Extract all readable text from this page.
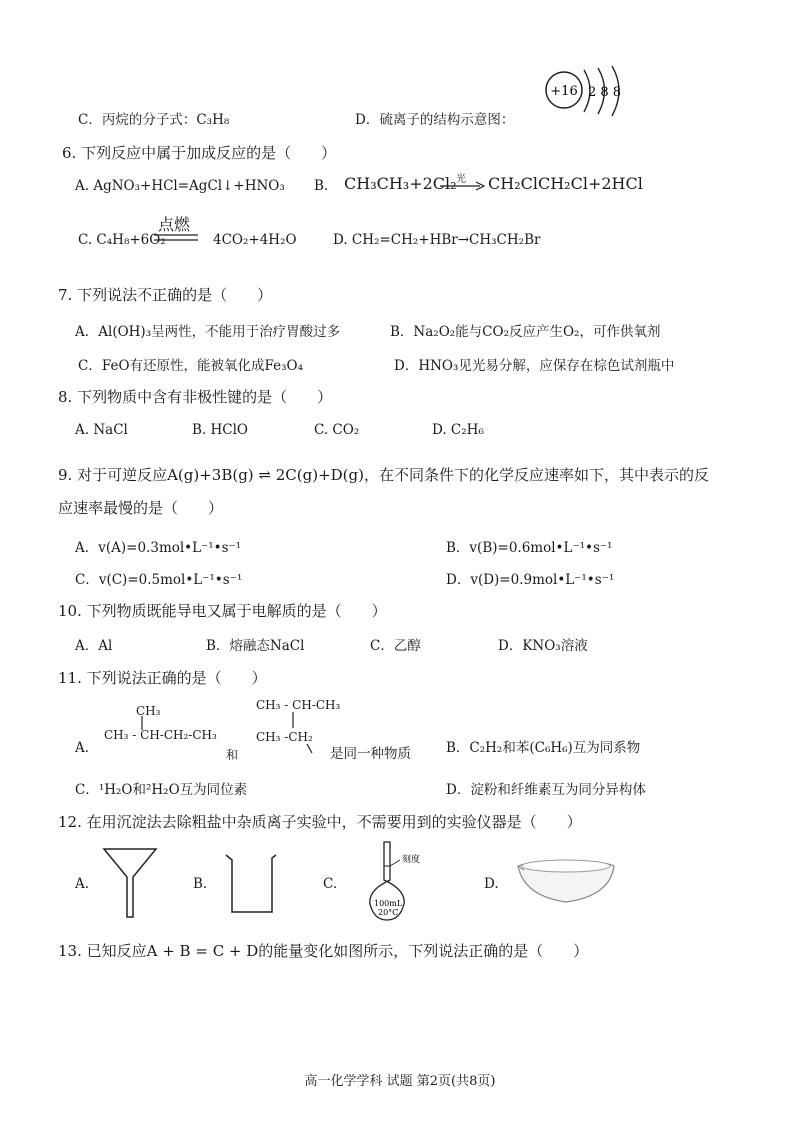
C．丙烷的分子式：C₃H₈	D．硫离子的结构示意图：
+16 2 8 8
6. 下列反应中属于加成反应的是（　　）
A. AgNO₃+HCl=AgCl↓+HNO₃ B. CH₃CH₃+2Cl₂ 光 → CH₂ClCH₂Cl+2HCl
C. C₄H₈+6O₂
点燃
4CO₂+4H₂O	D. CH₂=CH₂+HBr→CH₃CH₂Br
7. 下列说法不正确的是（　　）
A．Al(OH)₃呈两性，不能用于治疗胃酸过多	B．Na₂O₂能与CO₂反应产生O₂，可作供氧剂
C．FeO有还原性，能被氧化成Fe₃O₄	D．HNO₃见光易分解，应保存在棕色试剂瓶中
8. 下列物质中含有非极性键的是（　　）
A. NaCl	B. HClO	C. CO₂	D. C₂H₆
9. 对于可逆反应A(g)+3B(g) ⇌ 2C(g)+D(g)，在不同条件下的化学反应速率如下，其中表示的反
应速率最慢的是（　　）
A．v(A)=0.3mol•L⁻¹•s⁻¹	B．v(B)=0.6mol•L⁻¹•s⁻¹
C．v(C)=0.5mol•L⁻¹•s⁻¹	D．v(D)=0.9mol•L⁻¹•s⁻¹
10. 下列物质既能导电又属于电解质的是（　　）
A．Al	B．熔融态NaCl	C．乙醇	D．KNO₃溶液
11. 下列说法正确的是（　　）
A．
CH₃
CH₃ - CH-CH₂-CH₃
CH₃ - CH-CH₃
CH₃ -CH₂
和	是同一种物质	B．C₂H₂和苯(C₆H₆)互为同系物
C．¹H₂O和²H₂O互为同位素	D．淀粉和纤维素互为同分异构体
12. 在用沉淀法去除粗盐中杂质离子实验中，不需要用到的实验仪器是（　　）
A.	B.	C.
刻度
100mL
20°C
D.
13. 已知反应A + B = C + D的能量变化如图所示，下列说法正确的是（　　）
高一化学学科 试题 第2页(共8页)
